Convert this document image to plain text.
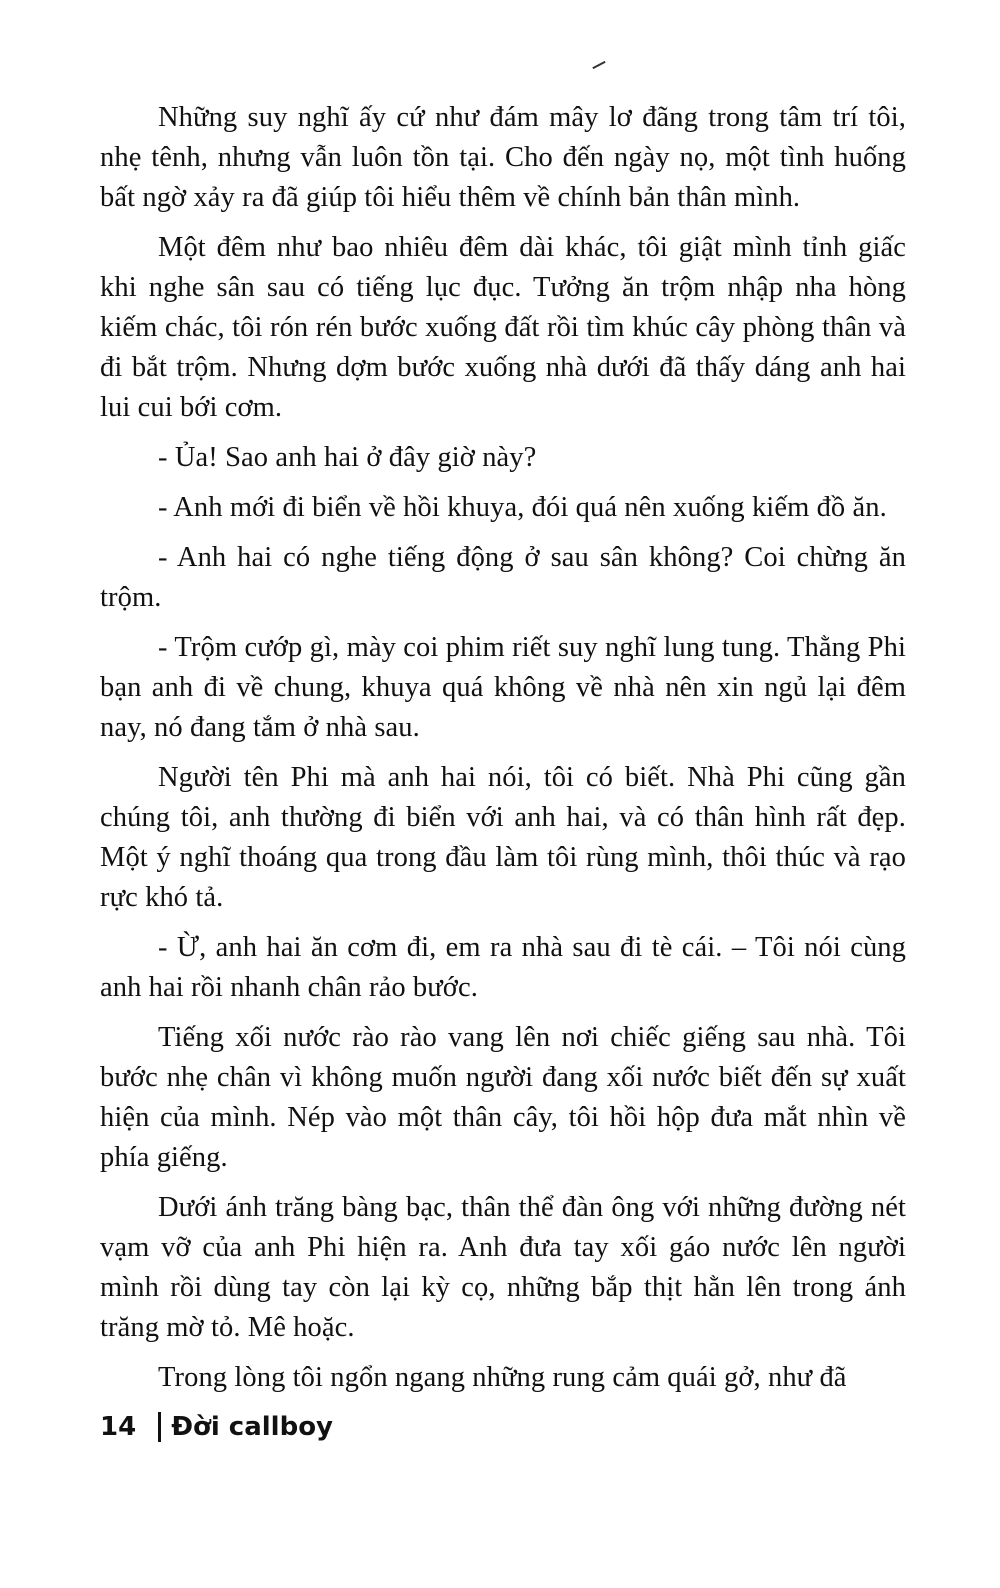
Những suy nghĩ ấy cứ như đám mây lơ đãng trong tâm trí tôi, nhẹ tênh, nhưng vẫn luôn tồn tại. Cho đến ngày nọ, một tình huống bất ngờ xảy ra đã giúp tôi hiểu thêm về chính bản thân mình.

Một đêm như bao nhiêu đêm dài khác, tôi giật mình tỉnh giấc khi nghe sân sau có tiếng lục đục. Tưởng ăn trộm nhập nha hòng kiếm chác, tôi rón rén bước xuống đất rồi tìm khúc cây phòng thân và đi bắt trộm. Nhưng dợm bước xuống nhà dưới đã thấy dáng anh hai lui cui bới cơm.

- Ủa! Sao anh hai ở đây giờ này?

- Anh mới đi biển về hồi khuya, đói quá nên xuống kiếm đồ ăn.

- Anh hai có nghe tiếng động ở sau sân không? Coi chừng ăn trộm.

- Trộm cướp gì, mày coi phim riết suy nghĩ lung tung. Thằng Phi bạn anh đi về chung, khuya quá không về nhà nên xin ngủ lại đêm nay, nó đang tắm ở nhà sau.

Người tên Phi mà anh hai nói, tôi có biết. Nhà Phi cũng gần chúng tôi, anh thường đi biển với anh hai, và có thân hình rất đẹp. Một ý nghĩ thoáng qua trong đầu làm tôi rùng mình, thôi thúc và rạo rực khó tả.

- Ừ, anh hai ăn cơm đi, em ra nhà sau đi tè cái. – Tôi nói cùng anh hai rồi nhanh chân rảo bước.

Tiếng xối nước rào rào vang lên nơi chiếc giếng sau nhà. Tôi bước nhẹ chân vì không muốn người đang xối nước biết đến sự xuất hiện của mình. Nép vào một thân cây, tôi hồi hộp đưa mắt nhìn về phía giếng.

Dưới ánh trăng bàng bạc, thân thể đàn ông với những đường nét vạm vỡ của anh Phi hiện ra. Anh đưa tay xối gáo nước lên người mình rồi dùng tay còn lại kỳ cọ, những bắp thịt hằn lên trong ánh trăng mờ tỏ. Mê hoặc.

Trong lòng tôi ngổn ngang những rung cảm quái gở, như đã

14 Đời callboy
